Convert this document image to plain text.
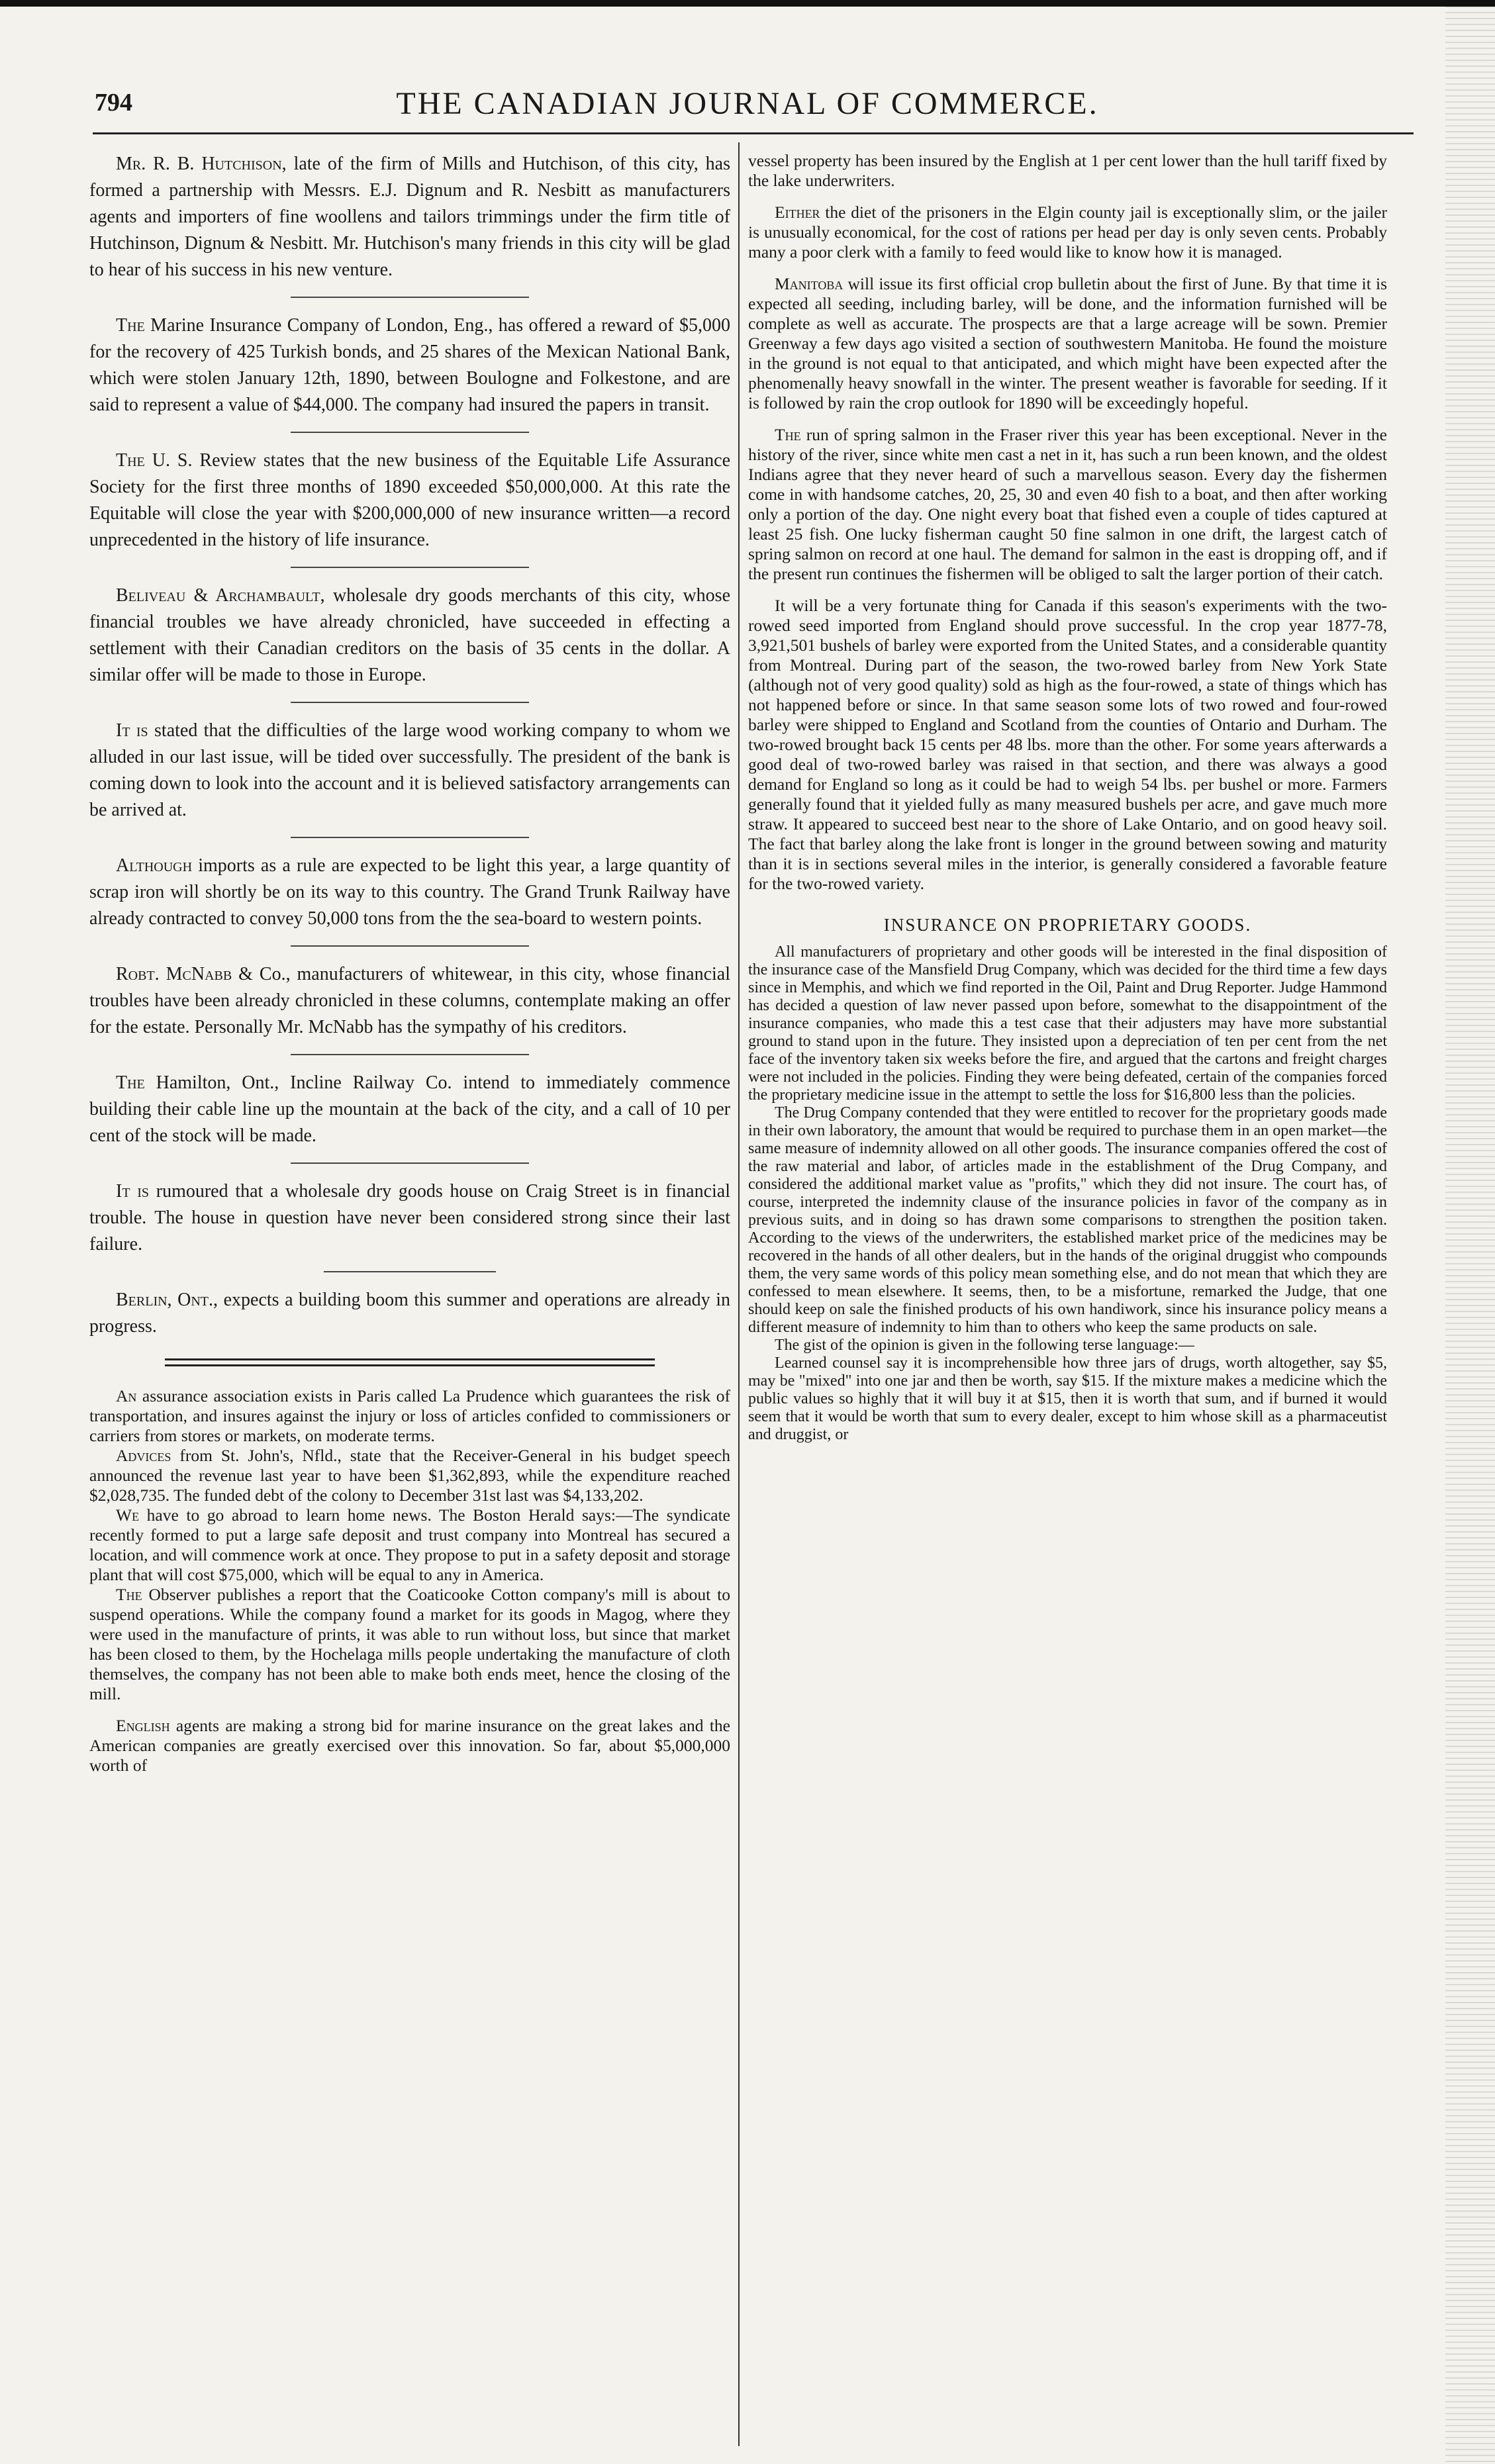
794	THE CANADIAN JOURNAL OF COMMERCE.

Mr. R. B. Hutchison, late of the firm of Mills and Hutchison, of this city, has formed a partnership with Messrs. E.J. Dignum and R. Nesbitt as manufacturers agents and importers of fine woollens and tailors trimmings under the firm title of Hutchinson, Dignum & Nesbitt. Mr. Hutchison's many friends in this city will be glad to hear of his success in his new venture.

The Marine Insurance Company of London, Eng., has offered a reward of $5,000 for the recovery of 425 Turkish bonds, and 25 shares of the Mexican National Bank, which were stolen January 12th, 1890, between Boulogne and Folkestone, and are said to represent a value of $44,000. The company had insured the papers in transit.

The U. S. Review states that the new business of the Equitable Life Assurance Society for the first three months of 1890 exceeded $50,000,000. At this rate the Equitable will close the year with $200,000,000 of new insurance written—a record unprecedented in the history of life insurance.

Beliveau & Archambault, wholesale dry goods merchants of this city, whose financial troubles we have already chronicled, have succeeded in effecting a settlement with their Canadian creditors on the basis of 35 cents in the dollar. A similar offer will be made to those in Europe.

It is stated that the difficulties of the large wood working company to whom we alluded in our last issue, will be tided over successfully. The president of the bank is coming down to look into the account and it is believed satisfactory arrangements can be arrived at.

Although imports as a rule are expected to be light this year, a large quantity of scrap iron will shortly be on its way to this country. The Grand Trunk Railway have already contracted to convey 50,000 tons from the the sea-board to western points.

Robt. McNabb & Co., manufacturers of whitewear, in this city, whose financial troubles have been already chronicled in these columns, contemplate making an offer for the estate. Personally Mr. McNabb has the sympathy of his creditors.

The Hamilton, Ont., Incline Railway Co. intend to immediately commence building their cable line up the mountain at the back of the city, and a call of 10 per cent of the stock will be made.

It is rumoured that a wholesale dry goods house on Craig Street is in financial trouble. The house in question have never been considered strong since their last failure.

Berlin, Ont., expects a building boom this summer and operations are already in progress.

An assurance association exists in Paris called La Prudence which guarantees the risk of transportation, and insures against the injury or loss of articles confided to commissioners or carriers from stores or markets, on moderate terms.

Advices from St. John's, Nfld., state that the Receiver-General in his budget speech announced the revenue last year to have been $1,362,893, while the expenditure reached $2,028,735. The funded debt of the colony to December 31st last was $4,133,202.

We have to go abroad to learn home news. The Boston Herald says:—The syndicate recently formed to put a large safe deposit and trust company into Montreal has secured a location, and will commence work at once. They propose to put in a safety deposit and storage plant that will cost $75,000, which will be equal to any in America.

The Observer publishes a report that the Coaticooke Cotton company's mill is about to suspend operations. While the company found a market for its goods in Magog, where they were used in the manufacture of prints, it was able to run without loss, but since that market has been closed to them, by the Hochelaga mills people undertaking the manufacture of cloth themselves, the company has not been able to make both ends meet, hence the closing of the mill.

English agents are making a strong bid for marine insurance on the great lakes and the American companies are greatly exercised over this innovation. So far, about $5,000,000 worth of

vessel property has been insured by the English at 1 per cent lower than the hull tariff fixed by the lake underwriters.

Either the diet of the prisoners in the Elgin county jail is exceptionally slim, or the jailer is unusually economical, for the cost of rations per head per day is only seven cents. Probably many a poor clerk with a family to feed would like to know how it is managed.

Manitoba will issue its first official crop bulletin about the first of June. By that time it is expected all seeding, including barley, will be done, and the information furnished will be complete as well as accurate. The prospects are that a large acreage will be sown. Premier Greenway a few days ago visited a section of southwestern Manitoba. He found the moisture in the ground is not equal to that anticipated, and which might have been expected after the phenomenally heavy snowfall in the winter. The present weather is favorable for seeding. If it is followed by rain the crop outlook for 1890 will be exceedingly hopeful.

The run of spring salmon in the Fraser river this year has been exceptional. Never in the history of the river, since white men cast a net in it, has such a run been known, and the oldest Indians agree that they never heard of such a marvellous season. Every day the fishermen come in with handsome catches, 20, 25, 30 and even 40 fish to a boat, and then after working only a portion of the day. One night every boat that fished even a couple of tides captured at least 25 fish. One lucky fisherman caught 50 fine salmon in one drift, the largest catch of spring salmon on record at one haul. The demand for salmon in the east is dropping off, and if the present run continues the fishermen will be obliged to salt the larger portion of their catch.

It will be a very fortunate thing for Canada if this season's experiments with the two-rowed seed imported from England should prove successful. In the crop year 1877-78, 3,921,501 bushels of barley were exported from the United States, and a considerable quantity from Montreal. During part of the season, the two-rowed barley from New York State (although not of very good quality) sold as high as the four-rowed, a state of things which has not happened before or since. In that same season some lots of two rowed and four-rowed barley were shipped to England and Scotland from the counties of Ontario and Durham. The two-rowed brought back 15 cents per 48 lbs. more than the other. For some years afterwards a good deal of two-rowed barley was raised in that section, and there was always a good demand for England so long as it could be had to weigh 54 lbs. per bushel or more. Farmers generally found that it yielded fully as many measured bushels per acre, and gave much more straw. It appeared to succeed best near to the shore of Lake Ontario, and on good heavy soil. The fact that barley along the lake front is longer in the ground between sowing and maturity than it is in sections several miles in the interior, is generally considered a favorable feature for the two-rowed variety.

INSURANCE ON PROPRIETARY GOODS.

All manufacturers of proprietary and other goods will be interested in the final disposition of the insurance case of the Mansfield Drug Company, which was decided for the third time a few days since in Memphis, and which we find reported in the Oil, Paint and Drug Reporter. Judge Hammond has decided a question of law never passed upon before, somewhat to the disappointment of the insurance companies, who made this a test case that their adjusters may have more substantial ground to stand upon in the future. They insisted upon a depreciation of ten per cent from the net face of the inventory taken six weeks before the fire, and argued that the cartons and freight charges were not included in the policies. Finding they were being defeated, certain of the companies forced the proprietary medicine issue in the attempt to settle the loss for $16,800 less than the policies.

The Drug Company contended that they were entitled to recover for the proprietary goods made in their own laboratory, the amount that would be required to purchase them in an open market—the same measure of indemnity allowed on all other goods. The insurance companies offered the cost of the raw material and labor, of articles made in the establishment of the Drug Company, and considered the additional market value as "profits," which they did not insure. The court has, of course, interpreted the indemnity clause of the insurance policies in favor of the company as in previous suits, and in doing so has drawn some comparisons to strengthen the position taken. According to the views of the underwriters, the established market price of the medicines may be recovered in the hands of all other dealers, but in the hands of the original druggist who compounds them, the very same words of this policy mean something else, and do not mean that which they are confessed to mean elsewhere. It seems, then, to be a misfortune, remarked the Judge, that one should keep on sale the finished products of his own handiwork, since his insurance policy means a different measure of indemnity to him than to others who keep the same products on sale.

The gist of the opinion is given in the following terse language:—

Learned counsel say it is incomprehensible how three jars of drugs, worth altogether, say $5, may be "mixed" into one jar and then be worth, say $15. If the mixture makes a medicine which the public values so highly that it will buy it at $15, then it is worth that sum, and if burned it would seem that it would be worth that sum to every dealer, except to him whose skill as a pharmaceutist and druggist, or
